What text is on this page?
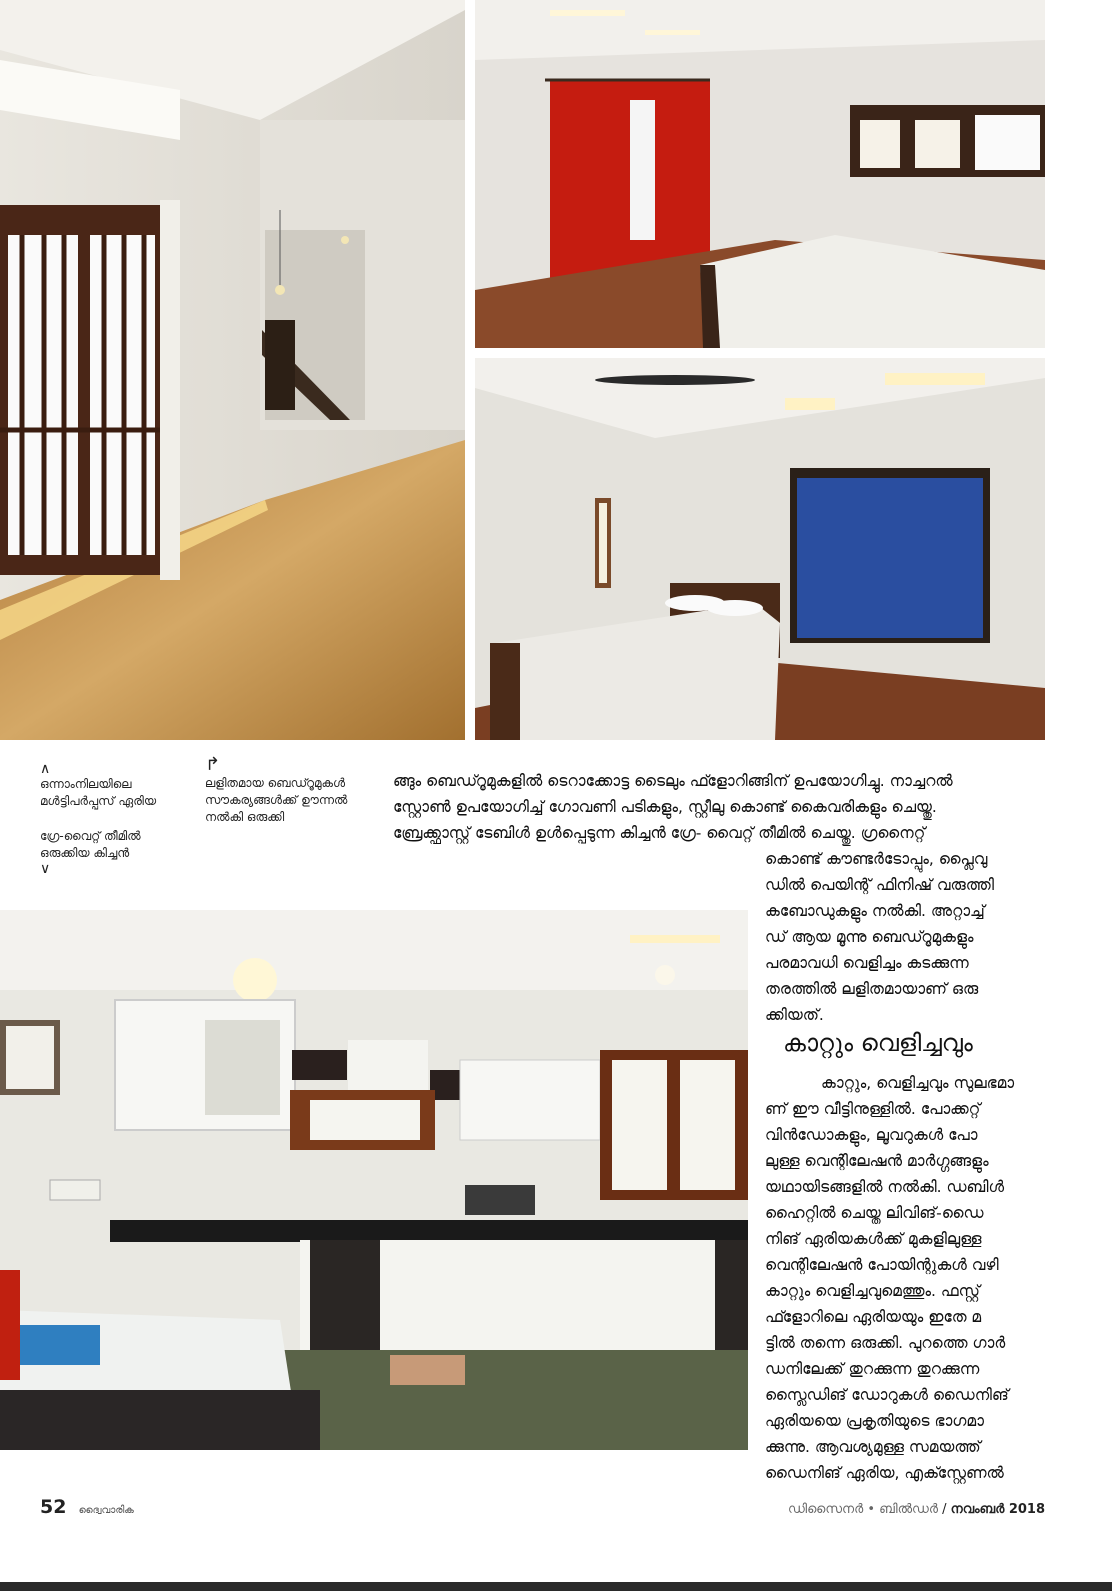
∧
ഒന്നാംനിലയിലെ
മൾട്ടിപർപ്പസ് ഏരിയ
ഗ്രേ-വൈറ്റ് തീമിൽ
ഒരുക്കിയ കിച്ചൻ
∨
↱
ലളിതമായ ബെഡ്റൂമുകൾ
സൗകര്യങ്ങൾക്ക് ഊന്നൽ
നൽകി ഒരുക്കി

ങ്ങും ബെഡ്റൂമുകളിൽ ടെറാക്കോട്ട ടൈലും ഫ്ളോറിങ്ങിന് ഉപയോഗിച്ചു. നാച്ചറൽ

സ്റ്റോൺ ഉപയോഗിച്ച് ഗോവണി പടികളും, സ്റ്റീലു കൊണ്ട് കൈവരികളും ചെയ്തു.

ബ്രേക്ക്ഫാസ്റ്റ് ടേബിൾ ഉൾപ്പെടുന്ന കിച്ചൻ ഗ്രേ- വൈറ്റ് തീമിൽ ചെയ്തു. ഗ്രനൈറ്റ്

കൊണ്ട് കൗണ്ടർടോപ്പും, പ്ലൈവു

ഡിൽ പെയിന്റ് ഫിനിഷ് വരുത്തി

കബോഡുകളും നൽകി. അറ്റാച്ച്

ഡ് ആയ മൂന്നു ബെഡ്റൂമുകളും

പരമാവധി വെളിച്ചം കടക്കുന്ന

തരത്തിൽ ലളിതമായാണ് ഒരു

ക്കിയത്.

കാറ്റും വെളിച്ചവും

കാറ്റും, വെളിച്ചവും സുലഭമാ

ണ് ഈ വീട്ടിനുള്ളിൽ. പോക്കറ്റ്

വിൻഡോകളും, ലൂവറുകൾ പോ

ലുള്ള വെന്റിലേഷൻ മാർഗ്ഗങ്ങളും

യഥായിടങ്ങളിൽ നൽകി. ഡബിൾ

ഹൈറ്റിൽ ചെയ്ത ലിവിങ്-ഡൈ

നിങ് ഏരിയകൾക്ക് മുകളിലുള്ള

വെന്റിലേഷൻ പോയിന്റുകൾ വഴി

കാറ്റും വെളിച്ചവുമെത്തും. ഫസ്റ്റ്

ഫ്ളോറിലെ ഏരിയയും ഇതേ മ

ട്ടിൽ തന്നെ ഒരുക്കി. പുറത്തെ ഗാർ

ഡനിലേക്ക് തുറക്കുന്ന തുറക്കുന്ന

സ്ലൈഡിങ് ഡോറുകൾ ഡൈനിങ്

ഏരിയയെ പ്രകൃതിയുടെ ഭാഗമാ

ക്കുന്നു. ആവശ്യമുള്ള സമയത്ത്

ഡൈനിങ് ഏരിയ, എക്സ്റ്റേണൽ

52 ദ്വൈവാരിക	ഡിസൈനർ • ബിൽഡർ / നവംബർ 2018
